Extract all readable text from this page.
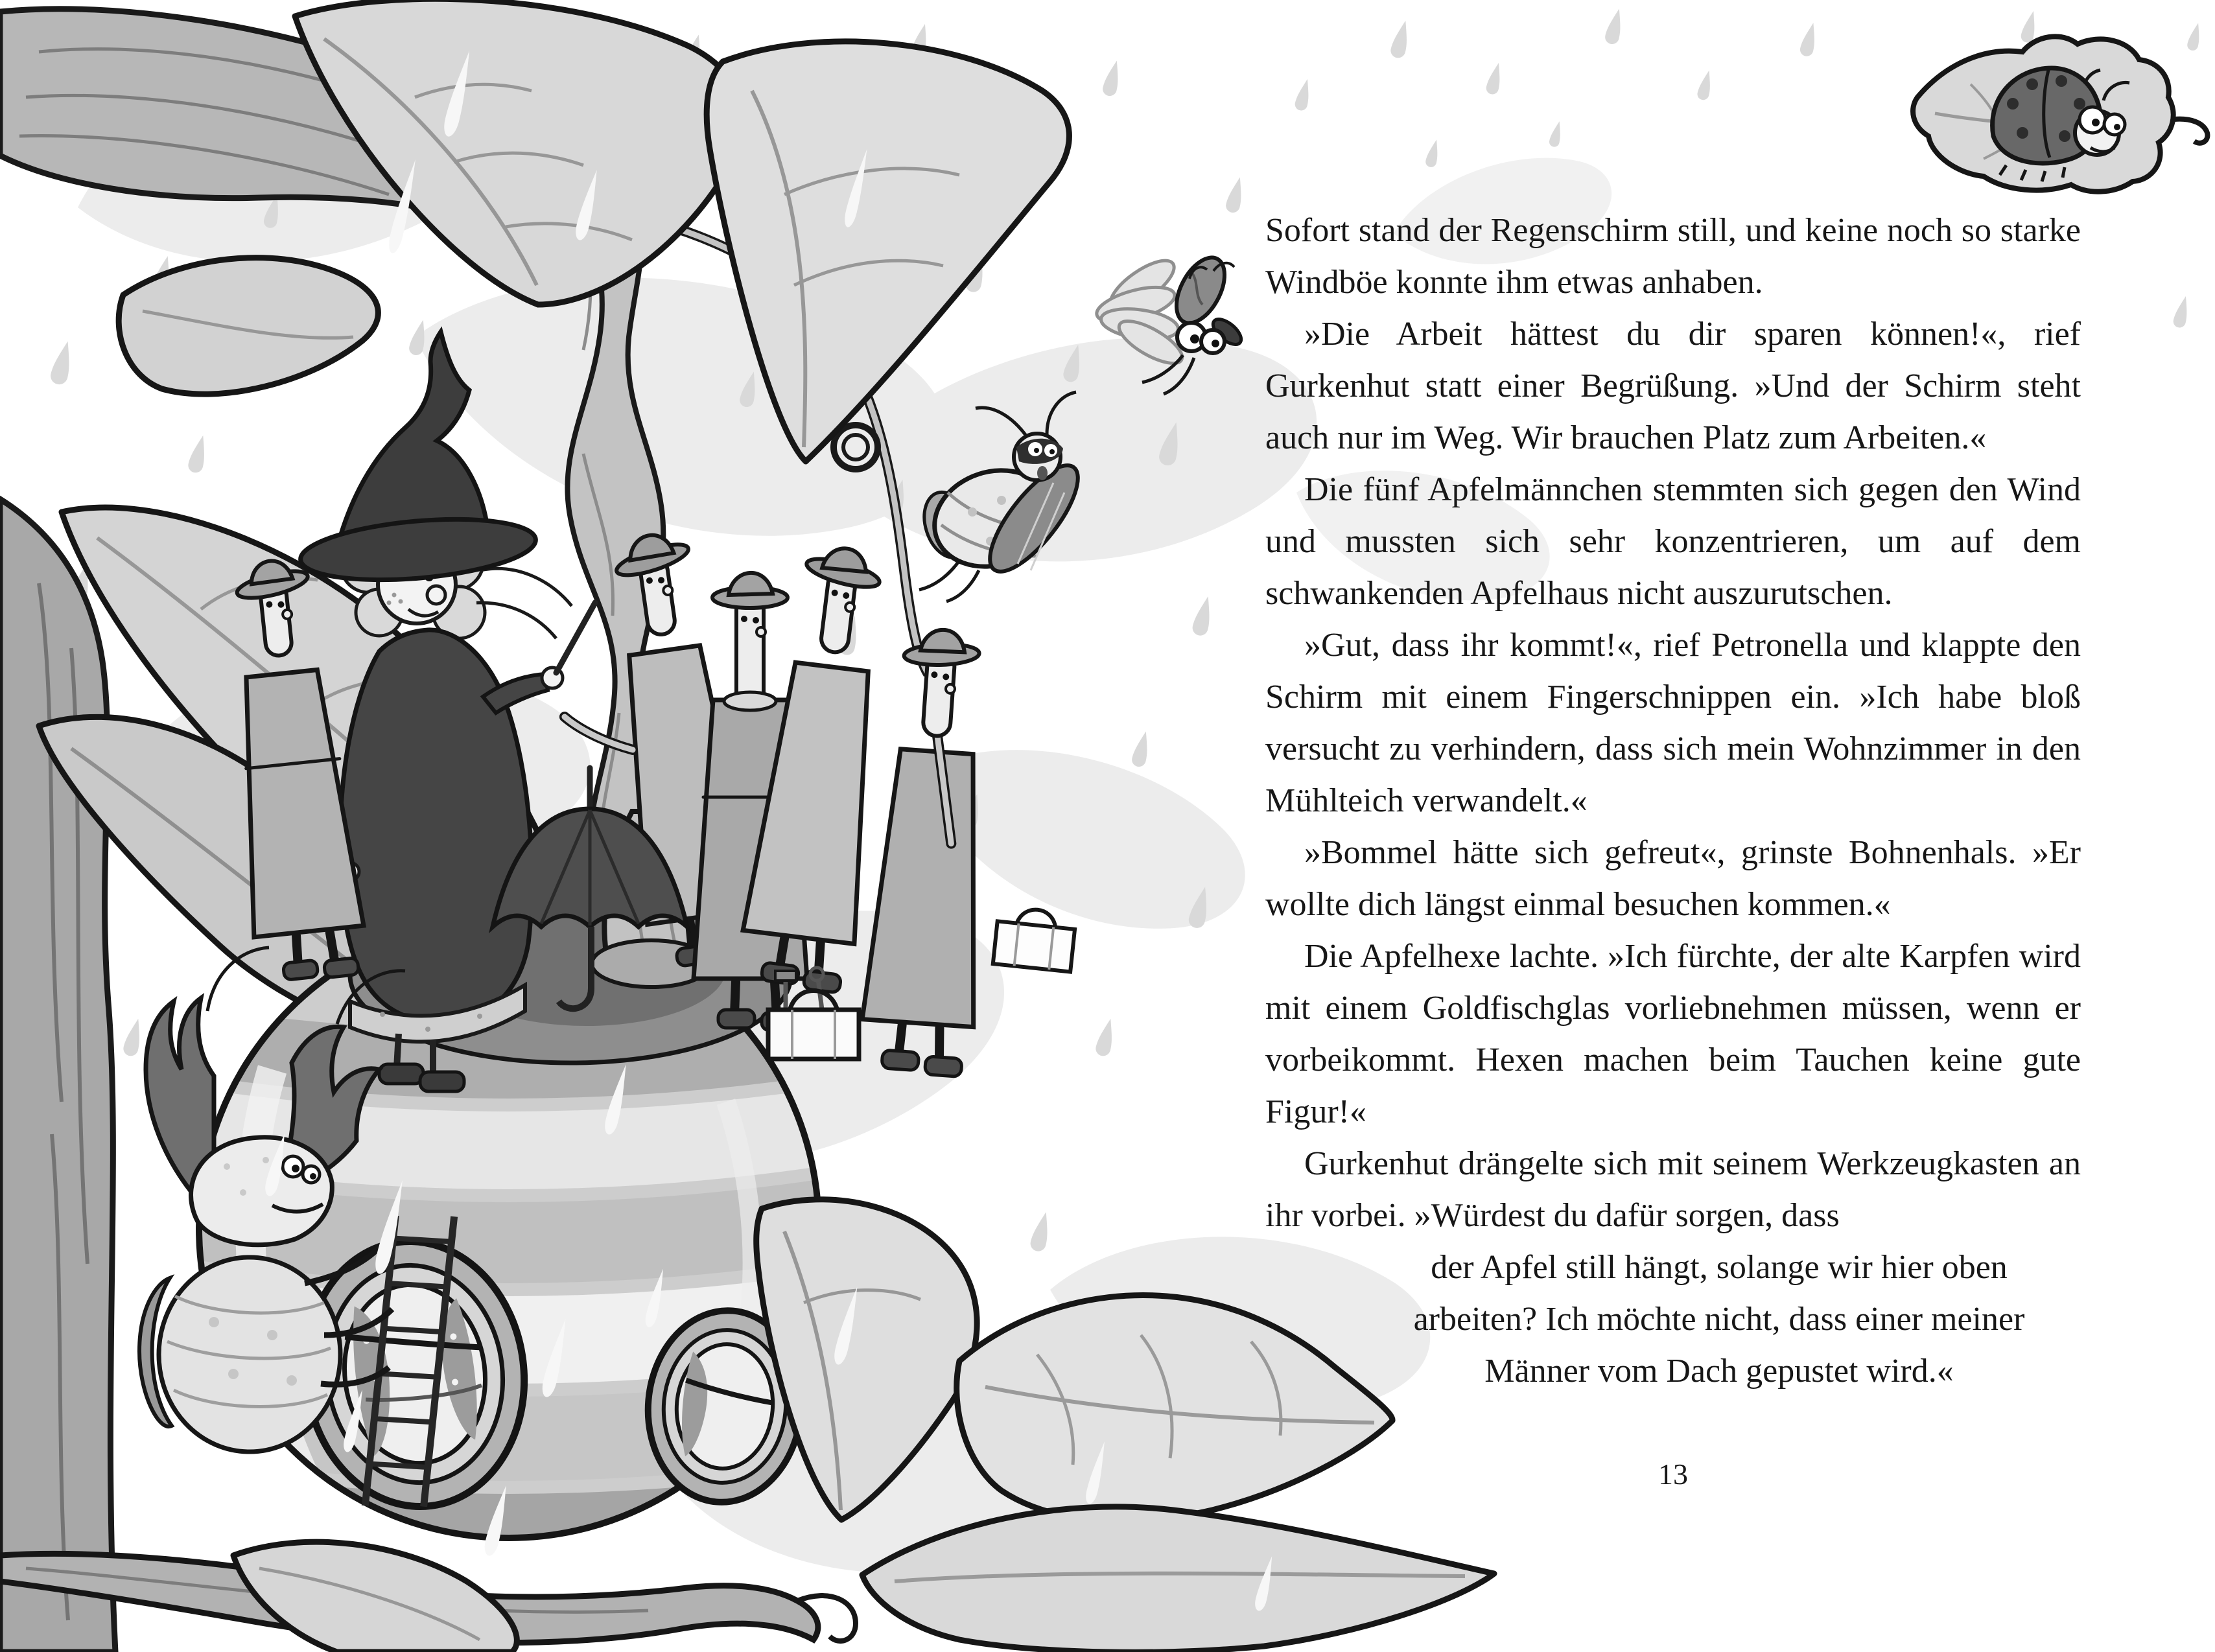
Sofort stand der Regenschirm still, und keine noch so starke Windböe konnte ihm etwas anhaben.

»Die Arbeit hättest du dir sparen können!«, rief Gurkenhut statt einer Begrüßung. »Und der Schirm steht auch nur im Weg. Wir brauchen Platz zum Arbeiten.«

Die fünf Apfelmännchen stemmten sich gegen den Wind und mussten sich sehr konzentrieren, um auf dem schwankenden Apfelhaus nicht auszurutschen.

»Gut, dass ihr kommt!«, rief Petronella und klappte den Schirm mit einem Fingerschnippen ein. »Ich habe bloß versucht zu verhindern, dass sich mein Wohnzimmer in den Mühlteich verwandelt.«

»Bommel hätte sich gefreut«, grinste Bohnenhals. »Er wollte dich längst einmal besuchen kommen.«

Die Apfelhexe lachte. »Ich fürchte, der alte Karpfen wird mit einem Goldfischglas vorliebnehmen müssen, wenn er vorbeikommt. Hexen machen beim Tauchen keine gute Figur!«

Gurkenhut drängelte sich mit seinem Werkzeugkasten an ihr vorbei. »Würdest du dafür sorgen, dass

der Apfel still hängt, solange wir hier oben arbeiten? Ich möchte nicht, dass einer meiner Männer vom Dach gepustet wird.«

13
